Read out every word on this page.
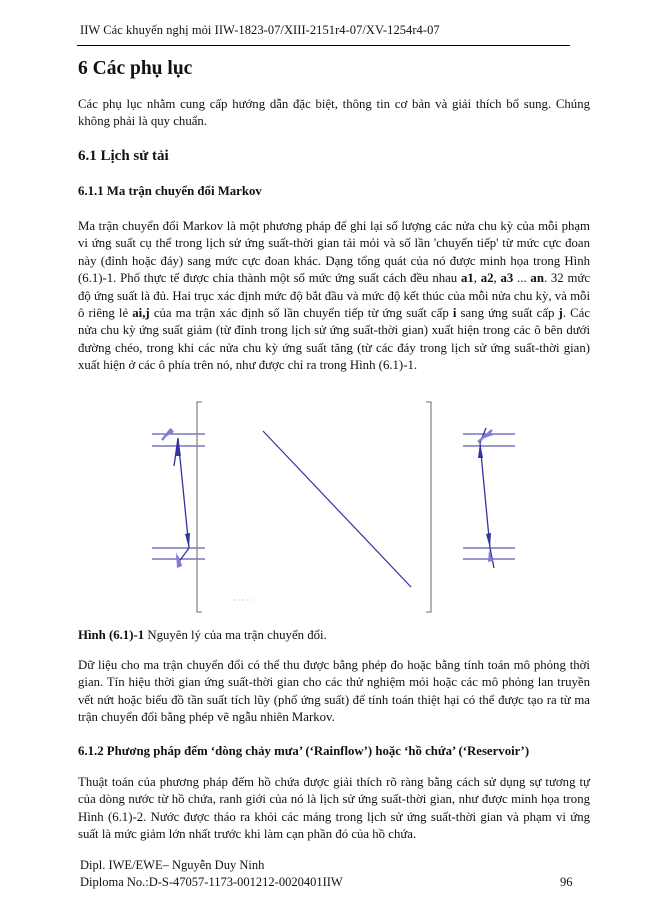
IIW Các khuyến nghị mỏi IIW-1823-07/XIII-2151r4-07/XV-1254r4-07
6 Các phụ lục

Các phụ lục nhằm cung cấp hướng dẫn đặc biệt, thông tin cơ bản và giải thích bổ sung. Chúng không phải là quy chuẩn.

6.1 Lịch sử tải
6.1.1 Ma trận chuyển đổi Markov

Ma trận chuyển đổi Markov là một phương pháp để ghi lại số lượng các nửa chu kỳ của mỗi phạm vi ứng suất cụ thể trong lịch sử ứng suất-thời gian tải mỏi và số lần 'chuyển tiếp' từ mức cực đoan này (đỉnh hoặc đáy) sang mức cực đoan khác. Dạng tổng quát của nó được minh họa trong Hình (6.1)-1. Phổ thực tế được chia thành một số mức ứng suất cách đều nhau a1, a2, a3 ... an. 32 mức độ ứng suất là đủ. Hai trục xác định mức độ bắt đầu và mức độ kết thúc của mỗi nửa chu kỳ, và mỗi ô riêng lẻ ai,j của ma trận xác định số lần chuyển tiếp từ ứng suất cấp i sang ứng suất cấp j. Các nửa chu kỳ ứng suất giảm (từ đỉnh trong lịch sử ứng suất-thời gian) xuất hiện trong các ô bên dưới đường chéo, trong khi các nửa chu kỳ ứng suất tăng (từ các đáy trong lịch sử ứng suất-thời gian) xuất hiện ở các ô phía trên nó, như được chỉ ra trong Hình (6.1)-1.

Hình (6.1)-1 Nguyên lý của ma trận chuyển đổi.

Dữ liệu cho ma trận chuyển đổi có thể thu được bằng phép đo hoặc bằng tính toán mô phỏng thời gian. Tín hiệu thời gian ứng suất-thời gian cho các thử nghiệm mỏi hoặc các mô phỏng lan truyền vết nứt hoặc biểu đồ tần suất tích lũy (phổ ứng suất) để tính toán thiệt hại có thể được tạo ra từ ma trận chuyển đổi bằng phép vẽ ngẫu nhiên Markov.

6.1.2 Phương pháp đếm ‘dòng chảy mưa’ (‘Rainflow’) hoặc ‘hồ chứa’ (‘Reservoir’)

Thuật toán của phương pháp đếm hồ chứa được giải thích rõ ràng bằng cách sử dụng sự tương tự của dòng nước từ hồ chứa, ranh giới của nó là lịch sử ứng suất-thời gian, như được minh họa trong Hình (6.1)-2. Nước được tháo ra khỏi các máng trong lịch sử ứng suất-thời gian và phạm vi ứng suất là mức giảm lớn nhất trước khi làm cạn phần đó của hồ chứa.

Dipl. IWE/EWE– Nguyễn Duy Ninh
Diploma No.:D-S-47057-1173-001212-0020401IIW	96
